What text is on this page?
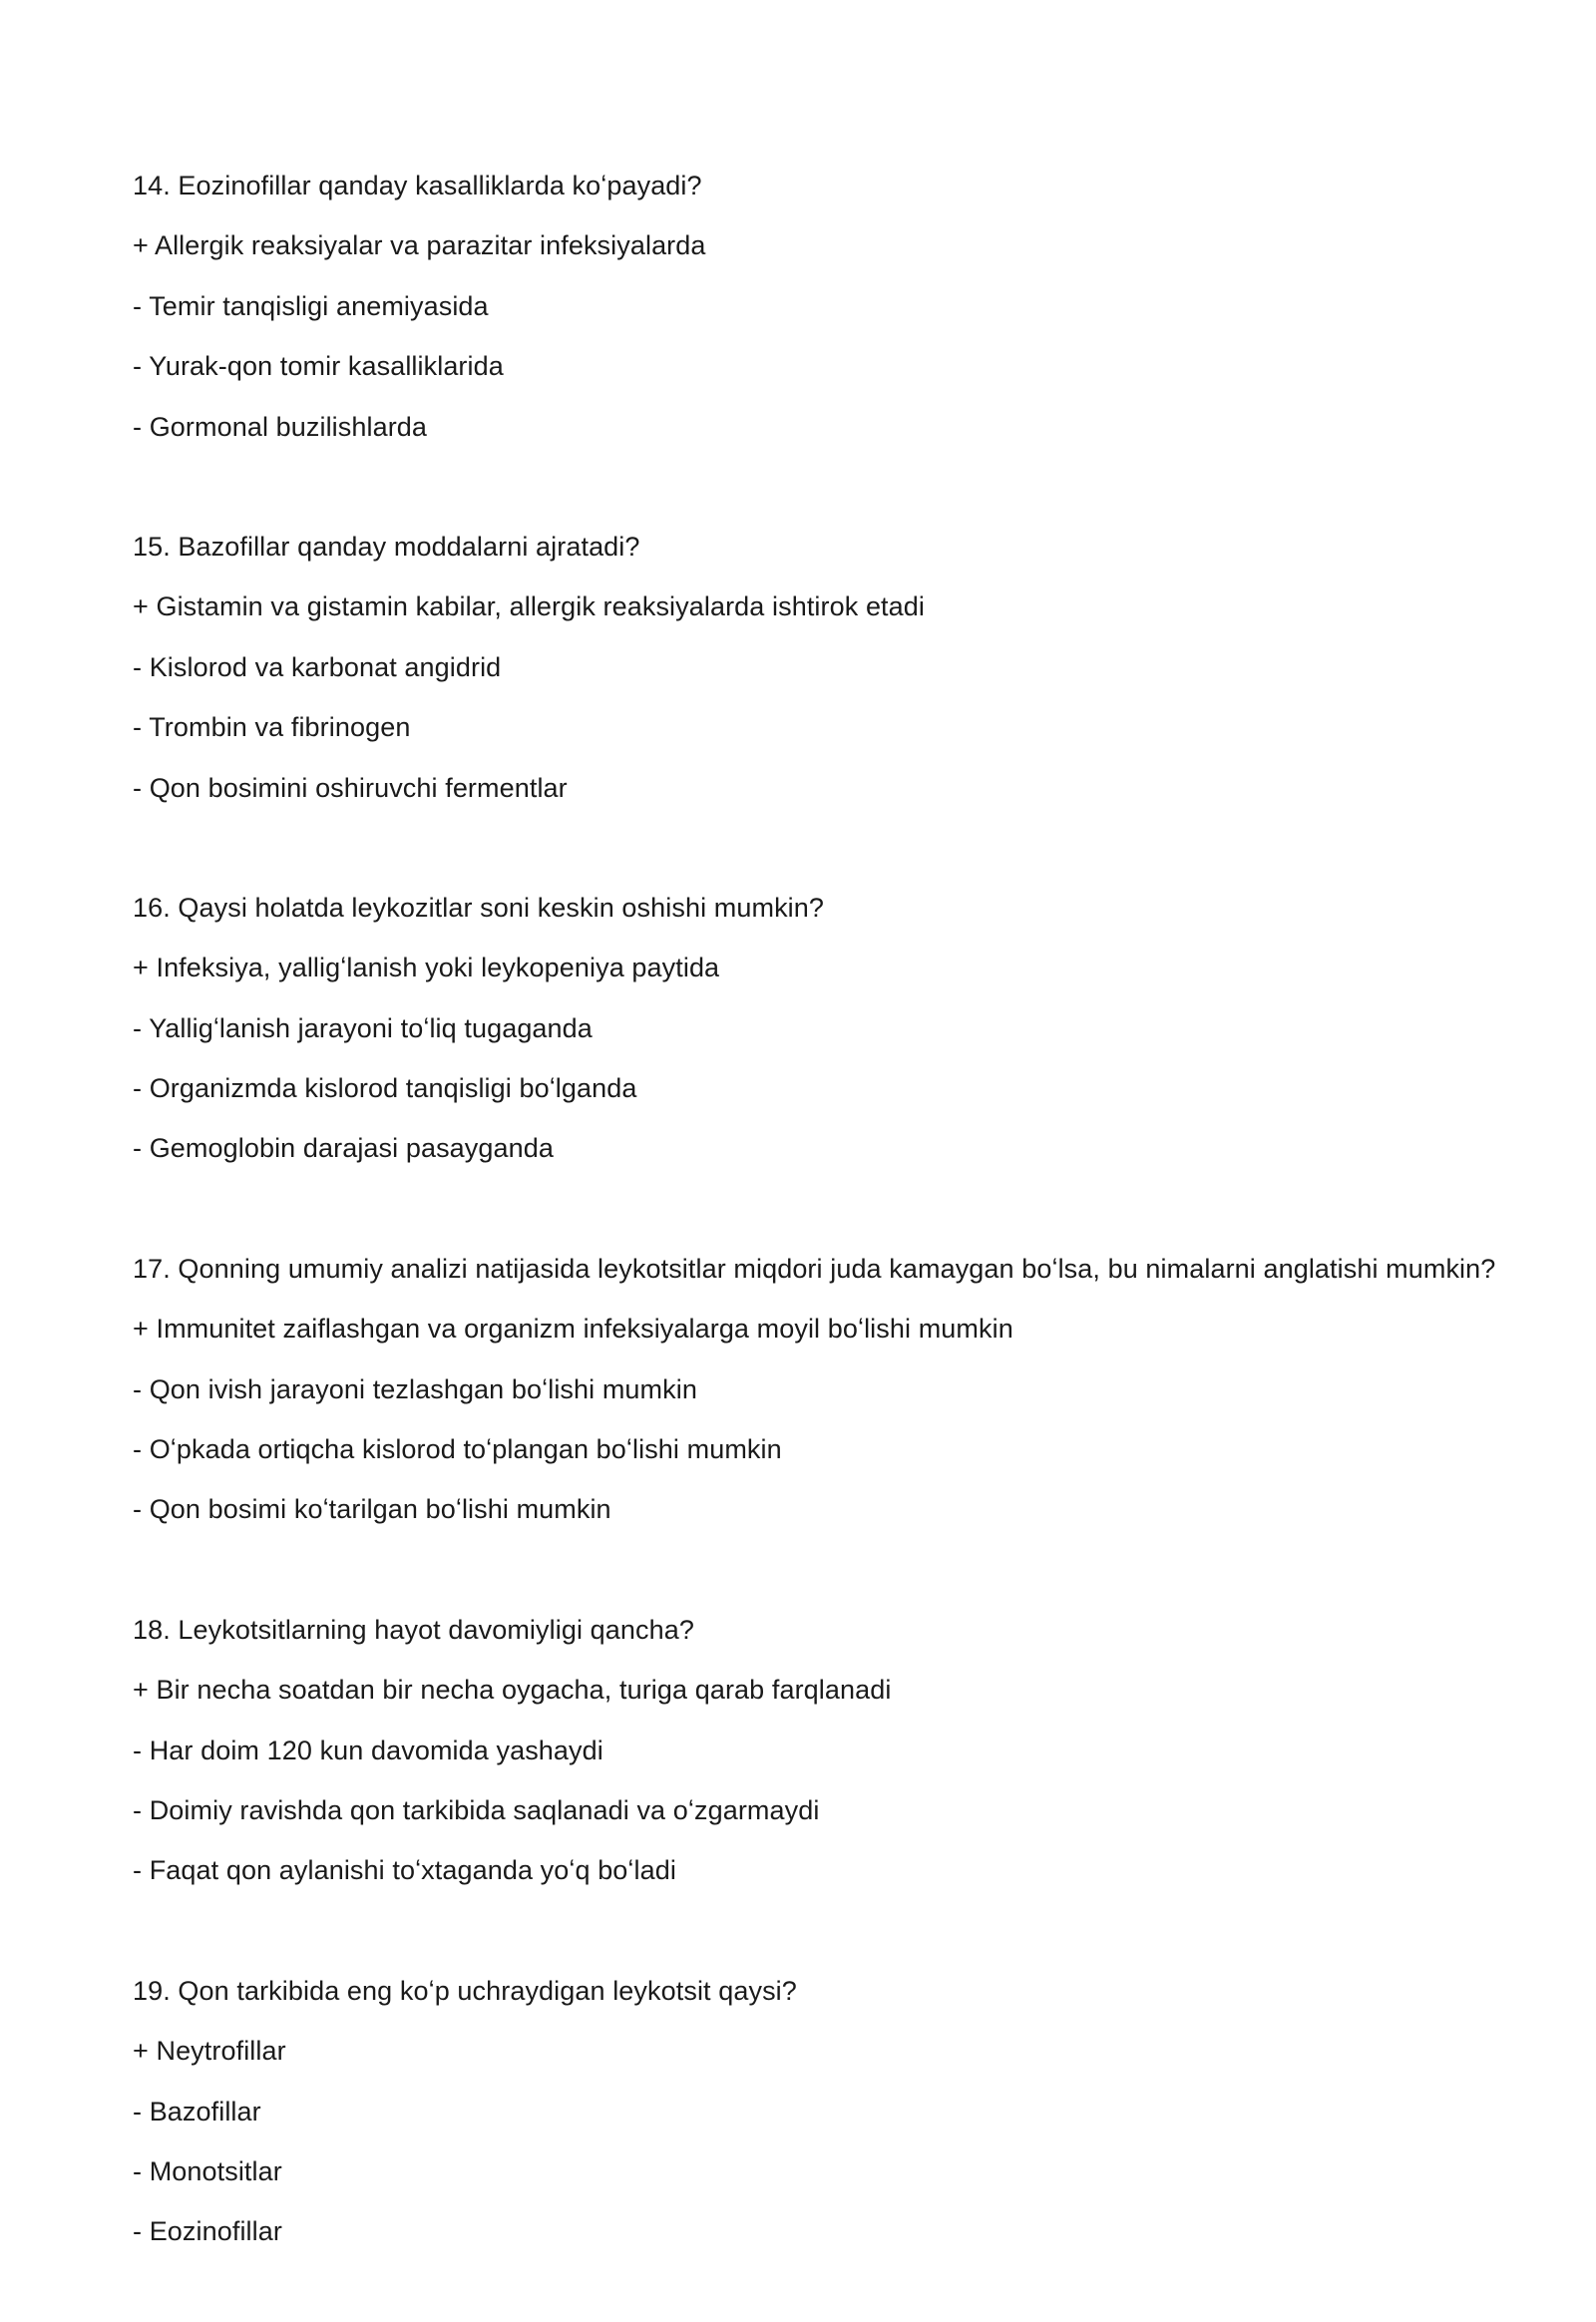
14. Eozinofillar qanday kasalliklarda koʻpayadi?
+ Allergik reaksiyalar va parazitar infeksiyalarda
- Temir tanqisligi anemiyasida
- Yurak-qon tomir kasalliklarida
- Gormonal buzilishlarda
15. Bazofillar qanday moddalarni ajratadi?
+ Gistamin va gistamin kabilar, allergik reaksiyalarda ishtirok etadi
- Kislorod va karbonat angidrid
- Trombin va fibrinogen
- Qon bosimini oshiruvchi fermentlar
16. Qaysi holatda leykozitlar soni keskin oshishi mumkin?
+ Infeksiya, yalligʻlanish yoki leykopeniya paytida
- Yalligʻlanish jarayoni toʻliq tugaganda
- Organizmda kislorod tanqisligi boʻlganda
- Gemoglobin darajasi pasayganda
17. Qonning umumiy analizi natijasida leykotsitlar miqdori juda kamaygan boʻlsa, bu nimalarni anglatishi mumkin?
+ Immunitet zaiflashgan va organizm infeksiyalarga moyil boʻlishi mumkin
- Qon ivish jarayoni tezlashgan boʻlishi mumkin
- Oʻpkada ortiqcha kislorod toʻplangan boʻlishi mumkin
- Qon bosimi koʻtarilgan boʻlishi mumkin
18. Leykotsitlarning hayot davomiyligi qancha?
+ Bir necha soatdan bir necha oygacha, turiga qarab farqlanadi
- Har doim 120 kun davomida yashaydi
- Doimiy ravishda qon tarkibida saqlanadi va oʻzgarmaydi
- Faqat qon aylanishi toʻxtaganda yoʻq boʻladi
19. Qon tarkibida eng koʻp uchraydigan leykotsit qaysi?
+ Neytrofillar
- Bazofillar
- Monotsitlar
- Eozinofillar
